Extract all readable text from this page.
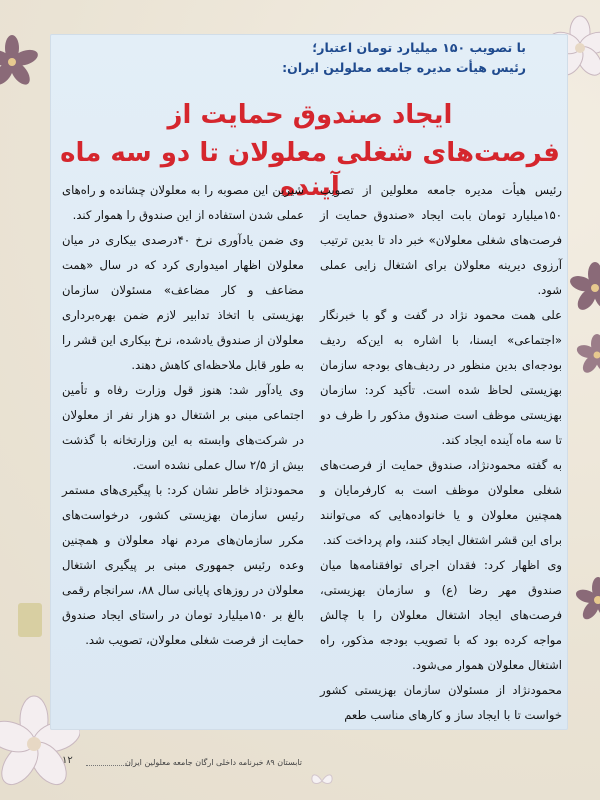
با تصویب ۱۵۰ میلیارد تومان اعتبار؛
رئیس هیأت مدیره جامعه معلولین ایران:
ایجاد صندوق حمایت از
فرصت‌های شغلی معلولان تا دو سه ماه آینده

رئیس هیأت مدیره جامعه معلولین از تصویب ۱۵۰میلیارد تومان بابت ایجاد «صندوق حمایت از فرصت‌های شغلی معلولان» خبر داد تا بدین ترتیب آرزوی دیرینه معلولان برای اشتغال زایی عملی شود.

علی همت محمود نژاد در گفت و گو با خبرنگار «اجتماعی» ایسنا، با اشاره به این‌که ردیف بودجه‌ای بدین منظور در ردیف‌های بودجه سازمان بهزیستی لحاظ شده است. تأکید کرد: سازمان بهزیستی موظف است صندوق مذکور را ظرف دو تا سه ماه آینده ایجاد کند.

به گفته محمودنژاد، صندوق حمایت از فرصت‌های شغلی معلولان موظف است به کارفرمایان و همچنین معلولان و یا خانواده‌هایی که می‌توانند برای این قشر اشتغال ایجاد کنند، وام پرداخت کند.

وی اظهار کرد: فقدان اجرای توافقنامه‌ها میان صندوق مهر رضا (ع) و سازمان بهزیستی، فرصت‌های ایجاد اشتغال معلولان را با چالش مواجه کرده بود که با تصویب بودجه مذکور، راه اشتغال معلولان هموار می‌شود.

محمودنژاد از مسئولان سازمان بهزیستی کشور خواست تا با ایجاد ساز و کارهای مناسب طعم

شیرین این مصوبه را به معلولان چشانده و راه‌های عملی شدن استفاده از این صندوق را هموار کند.

وی ضمن یادآوری نرخ ۴۰درصدی بیکاری در میان معلولان اظهار امیدواری کرد که در سال «همت مضاعف و کار مضاعف» مسئولان سازمان بهزیستی با اتخاذ تدابیر لازم ضمن بهره‌برداری معلولان از صندوق یادشده، نرخ بیکاری این قشر را به طور قابل ملاحظه‌ای کاهش دهند.

وی یادآور شد: هنوز قول وزارت رفاه و تأمین اجتماعی مبنی بر اشتغال دو هزار نفر از معلولان در شرکت‌های وابسته به این وزارتخانه با گذشت بیش از ۲/۵ سال عملی نشده است.

محمودنژاد خاطر نشان کرد: با پیگیری‌های مستمر رئیس سازمان بهزیستی کشور، درخواست‌های مکرر سازمان‌های مردم نهاد معلولان و همچنین وعده رئیس جمهوری مبنی بر پیگیری اشتغال معلولان در روزهای پایانی سال ۸۸، سرانجام رقمی بالغ بر ۱۵۰میلیارد تومان در راستای ایجاد صندوق حمایت از فرصت شغلی معلولان، تصویب شد.

۱۲	تابستان ۸۹ خبرنامه داخلی ارگان جامعه معلولین ایران
